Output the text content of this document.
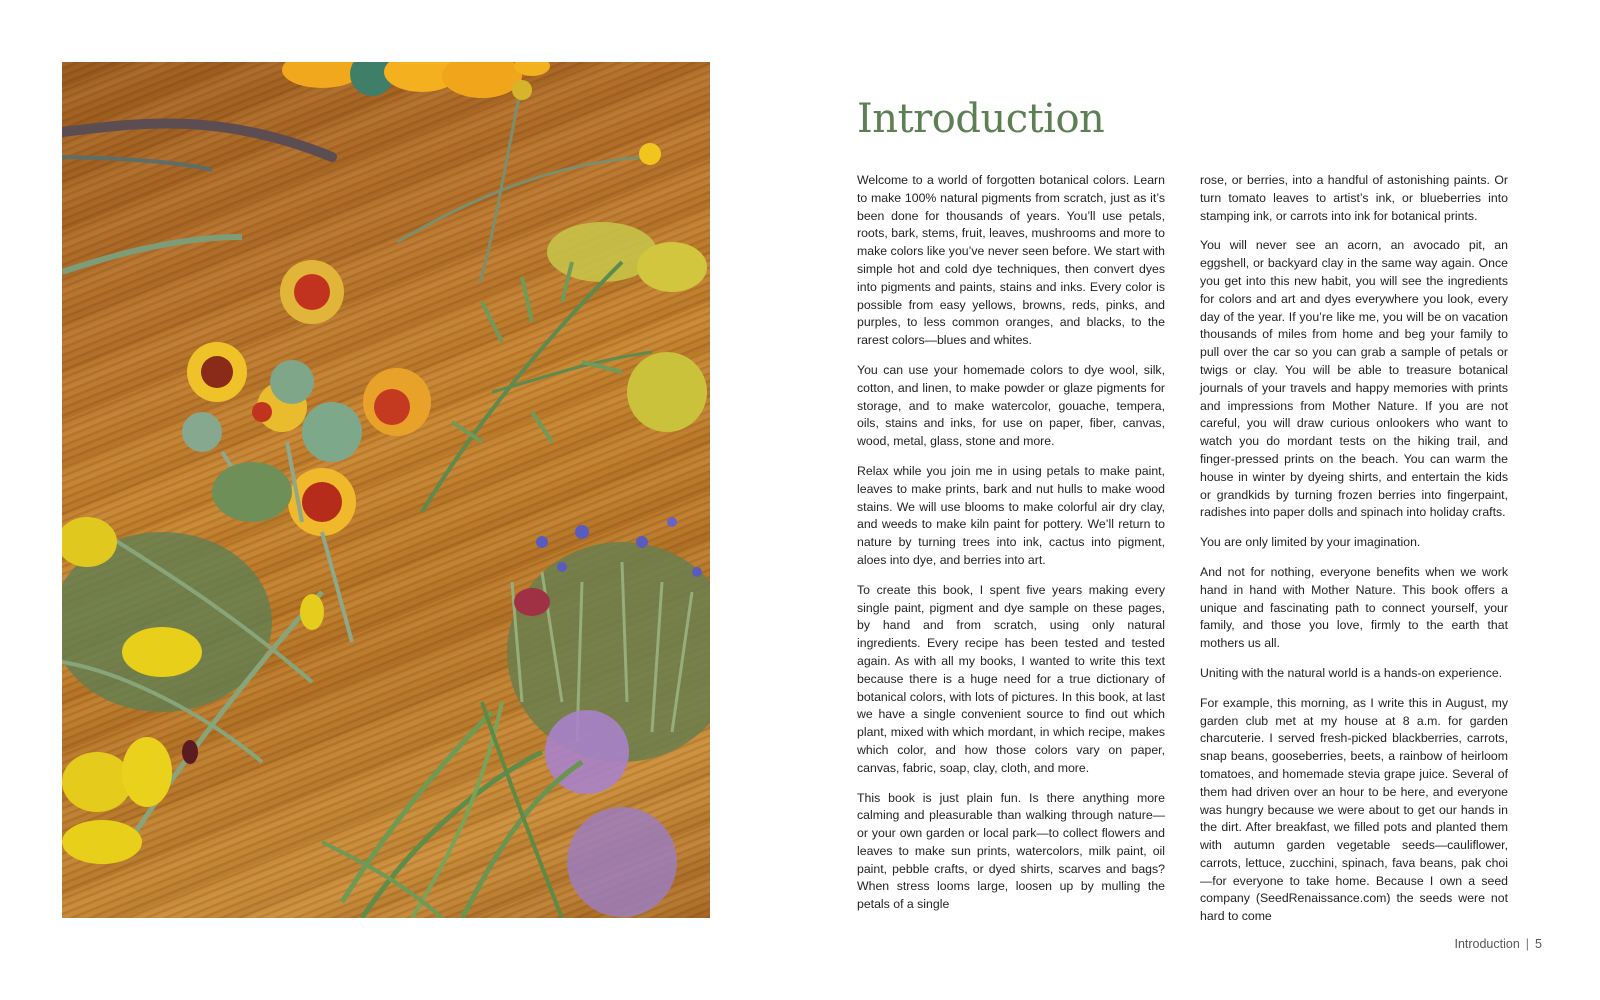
Introduction

Welcome to a world of forgotten botanical colors. Learn to make 100% natural pigments from scratch, just as it’s been done for thousands of years. You’ll use petals, roots, bark, stems, fruit, leaves, mushrooms and more to make colors like you’ve never seen before. We start with simple hot and cold dye techniques, then convert dyes into pigments and paints, stains and inks. Every color is possible from easy yellows, browns, reds, pinks, and purples, to less common oranges, and blacks, to the rarest colors—blues and whites.

You can use your homemade colors to dye wool, silk, cotton, and linen, to make powder or glaze pigments for storage, and to make watercolor, gouache, tempera, oils, stains and inks, for use on paper, fiber, canvas, wood, metal, glass, stone and more.

Relax while you join me in using petals to make paint, leaves to make prints, bark and nut hulls to make wood stains. We will use blooms to make colorful air dry clay, and weeds to make kiln paint for pottery. We’ll return to nature by turning trees into ink, cactus into pigment, aloes into dye, and berries into art.

To create this book, I spent five years making every single paint, pigment and dye sample on these pages, by hand and from scratch, using only natural ingredients. Every recipe has been tested and tested again. As with all my books, I wanted to write this text because there is a huge need for a true dictionary of botanical colors, with lots of pictures. In this book, at last we have a single convenient source to find out which plant, mixed with which mordant, in which recipe, makes which color, and how those colors vary on paper, canvas, fabric, soap, clay, cloth, and more.

This book is just plain fun. Is there anything more calming and pleasurable than walking through nature—or your own garden or local park—to collect flowers and leaves to make sun prints, watercolors, milk paint, oil paint, pebble crafts, or dyed shirts, scarves and bags? When stress looms large, loosen up by mulling the petals of a single

rose, or berries, into a handful of astonishing paints. Or turn tomato leaves to artist’s ink, or blueberries into stamping ink, or carrots into ink for botanical prints.

You will never see an acorn, an avocado pit, an eggshell, or backyard clay in the same way again. Once you get into this new habit, you will see the ingredients for colors and art and dyes everywhere you look, every day of the year. If you’re like me, you will be on vacation thousands of miles from home and beg your family to pull over the car so you can grab a sample of petals or twigs or clay. You will be able to treasure botanical journals of your travels and happy memories with prints and impressions from Mother Nature. If you are not careful, you will draw curious onlookers who want to watch you do mordant tests on the hiking trail, and finger-pressed prints on the beach. You can warm the house in winter by dyeing shirts, and entertain the kids or grandkids by turning frozen berries into fingerpaint, radishes into paper dolls and spinach into holiday crafts.

You are only limited by your imagination.

And not for nothing, everyone benefits when we work hand in hand with Mother Nature. This book offers a unique and fascinating path to connect yourself, your family, and those you love, firmly to the earth that mothers us all.

Uniting with the natural world is a hands-on experience.

For example, this morning, as I write this in August, my garden club met at my house at 8 a.m. for garden charcuterie. I served fresh-picked blackberries, carrots, snap beans, gooseberries, beets, a rainbow of heirloom tomatoes, and homemade stevia grape juice. Several of them had driven over an hour to be here, and everyone was hungry because we were about to get our hands in the dirt. After breakfast, we filled pots and planted them with autumn garden vegetable seeds—cauliflower, carrots, lettuce, zucchini, spinach, fava beans, pak choi—for everyone to take home. Because I own a seed company (SeedRenaissance.com) the seeds were not hard to come

Introduction | 5
